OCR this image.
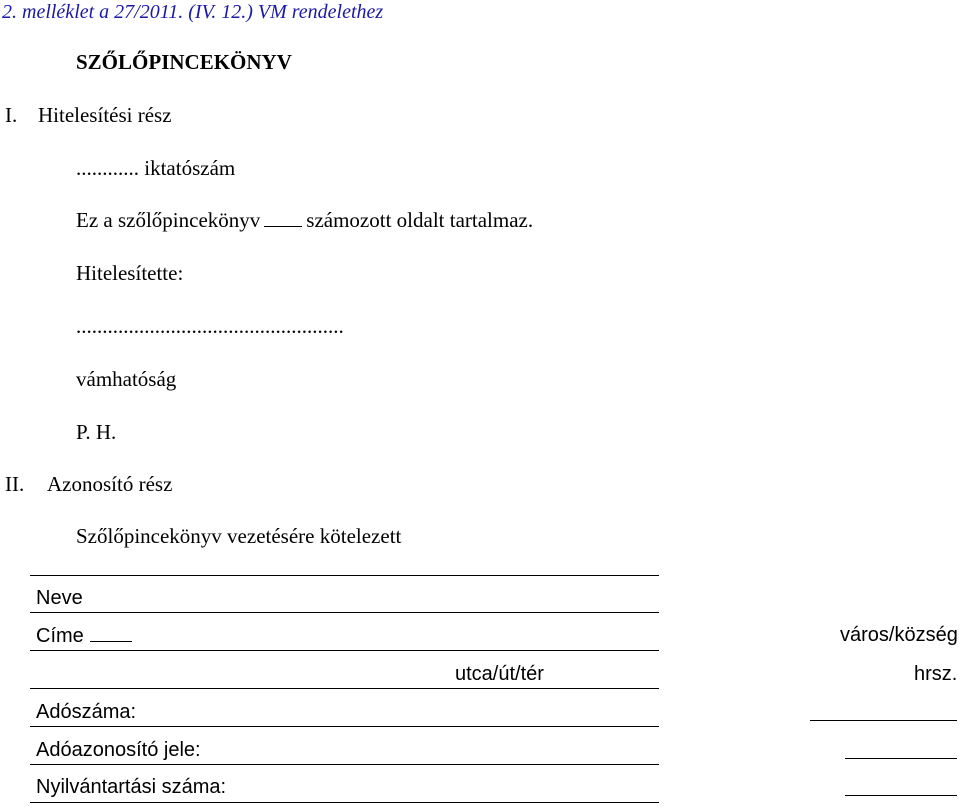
2. melléklet a 27/2011. (IV. 12.) VM rendelethez
SZŐLŐPINCEKÖNYV
I. Hitelesítési rész
............ iktatószám
Ez a szőlőpincekönyv számozott oldalt tartalmaz.
Hitelesítette:
...................................................
vámhatóság
P. H.
II. Azonosító rész
Szőlőpincekönyv vezetésére kötelezett
Neve
Címe	város/község
utca/út/tér	hrsz.
Adószáma:
Adóazonosító jele:
Nyilvántartási száma:
